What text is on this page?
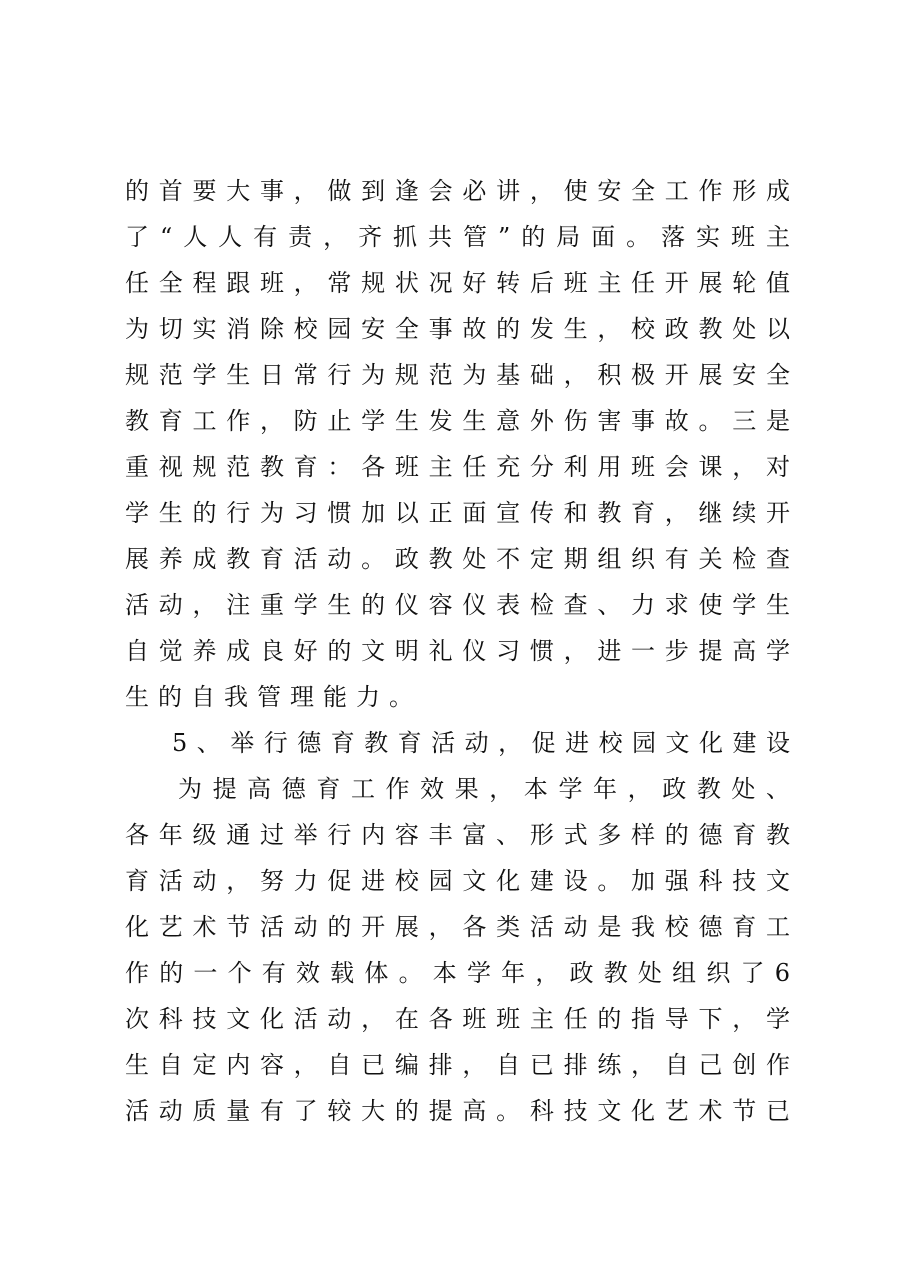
的首要大事，做到逢会必讲，使安全工作形成
了“人人有责，齐抓共管”的局面。落实班主
任全程跟班，常规状况好转后班主任开展轮值
为切实消除校园安全事故的发生，校政教处以
规范学生日常行为规范为基础，积极开展安全
教育工作，防止学生发生意外伤害事故。三是
重视规范教育：各班主任充分利用班会课，对
学生的行为习惯加以正面宣传和教育，继续开
展养成教育活动。政教处不定期组织有关检查
活动，注重学生的仪容仪表检查、力求使学生
自觉养成良好的文明礼仪习惯，进一步提高学
生的自我管理能力。
5、举行德育教育活动，促进校园文化建设
为提高德育工作效果，本学年，政教处、
各年级通过举行内容丰富、形式多样的德育教
育活动，努力促进校园文化建设。加强科技文
化艺术节活动的开展，各类活动是我校德育工
作的一个有效载体。本学年，政教处组织了6
次科技文化活动，在各班班主任的指导下，学
生自定内容，自已编排，自已排练，自己创作
活动质量有了较大的提高。科技文化艺术节已
